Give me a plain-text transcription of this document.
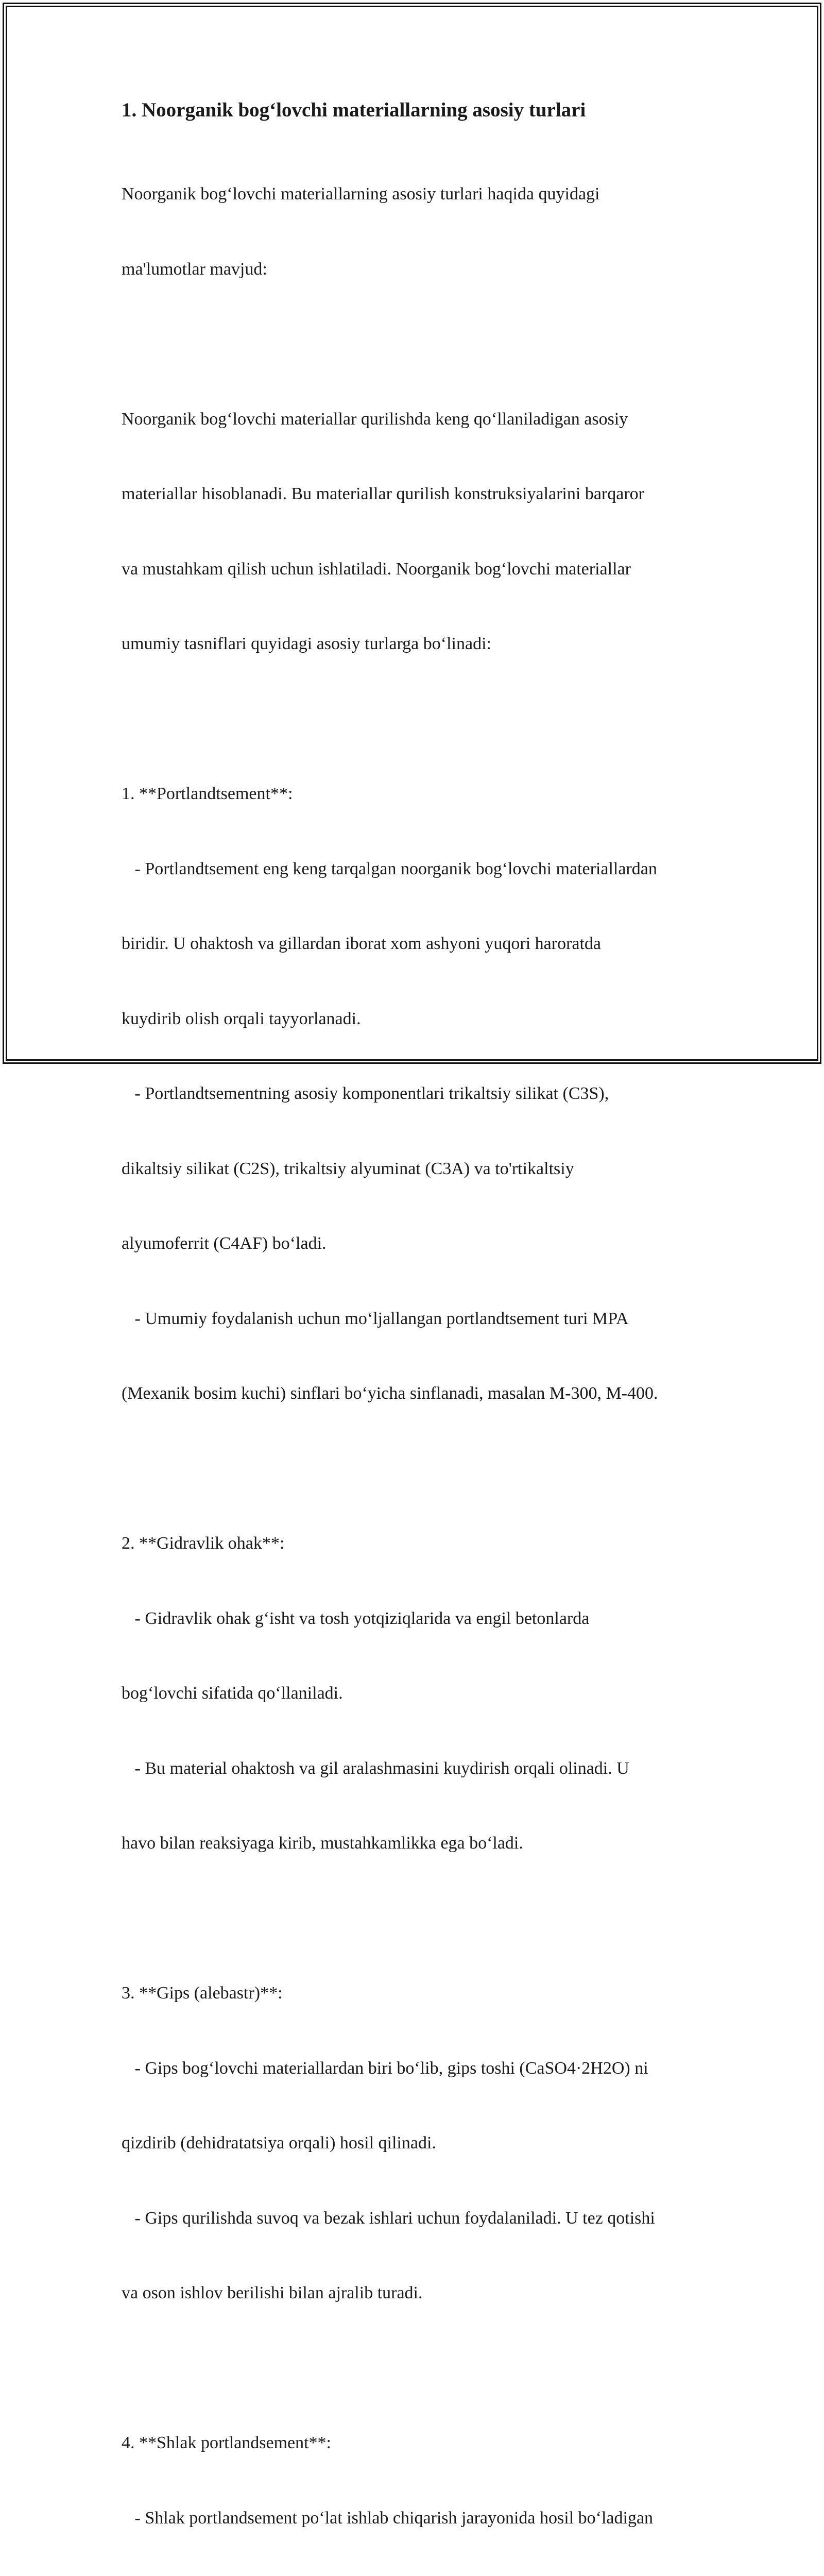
1. Noorganik bog‘lovchi materiallarning asosiy turlari

Noorganik bog‘lovchi materiallarning asosiy turlari haqida quyidagi

ma'lumotlar mavjud:

Noorganik bog‘lovchi materiallar qurilishda keng qo‘llaniladigan asosiy

materiallar hisoblanadi. Bu materiallar qurilish konstruksiyalarini barqaror

va mustahkam qilish uchun ishlatiladi. Noorganik bog‘lovchi materiallar

umumiy tasniflari quyidagi asosiy turlarga bo‘linadi:

1. **Portlandtsement**:

- Portlandtsement eng keng tarqalgan noorganik bog‘lovchi materiallardan

biridir. U ohaktosh va gillardan iborat xom ashyoni yuqori haroratda

kuydirib olish orqali tayyorlanadi.

- Portlandtsementning asosiy komponentlari trikaltsiy silikat (C3S),

dikaltsiy silikat (C2S), trikaltsiy alyuminat (C3A) va to'rtikaltsiy

alyumoferrit (C4AF) bo‘ladi.

- Umumiy foydalanish uchun mo‘ljallangan portlandtsement turi MPA

(Mexanik bosim kuchi) sinflari bo‘yicha sinflanadi, masalan M-300, M-400.

2. **Gidravlik ohak**:

- Gidravlik ohak g‘isht va tosh yotqiziqlarida va engil betonlarda

bog‘lovchi sifatida qo‘llaniladi.

- Bu material ohaktosh va gil aralashmasini kuydirish orqali olinadi. U

havo bilan reaksiyaga kirib, mustahkamlikka ega bo‘ladi.

3. **Gips (alebastr)**:

- Gips bog‘lovchi materiallardan biri bo‘lib, gips toshi (CaSO4·2H2O) ni

qizdirib (dehidratatsiya orqali) hosil qilinadi.

- Gips qurilishda suvoq va bezak ishlari uchun foydalaniladi. U tez qotishi

va oson ishlov berilishi bilan ajralib turadi.

4. **Shlak portlandsement**:

- Shlak portlandsement po‘lat ishlab chiqarish jarayonida hosil bo‘ladigan
